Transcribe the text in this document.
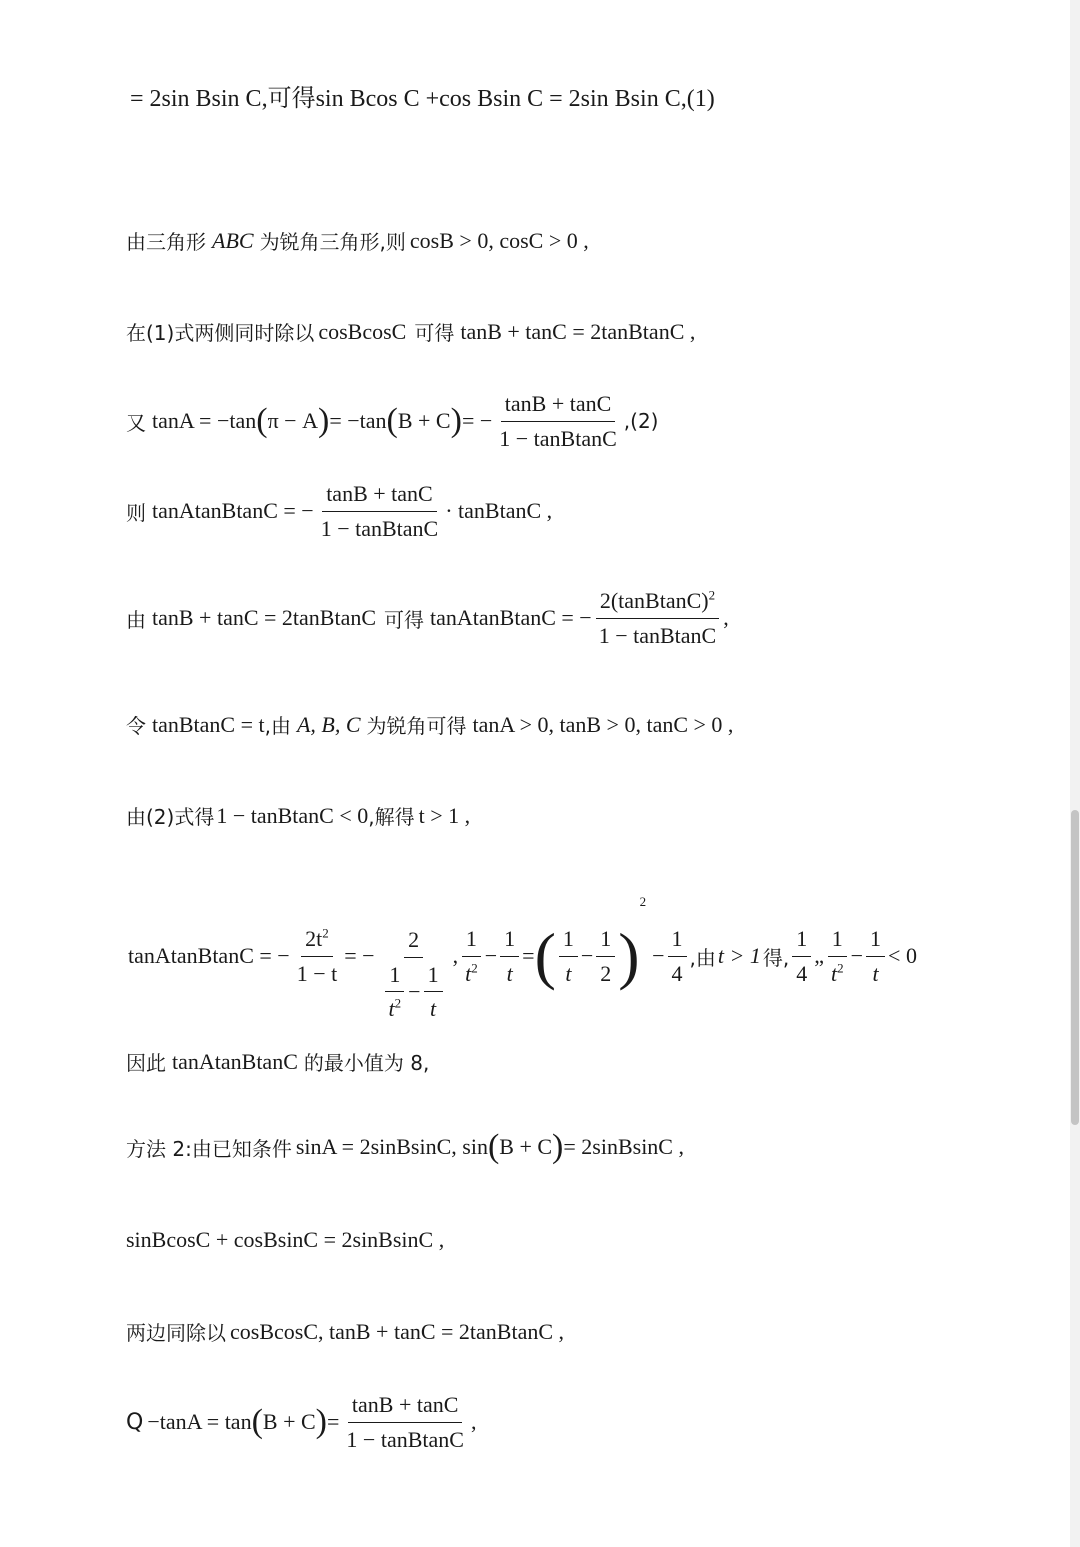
= 2sin Bsin C,可得sin Bcos C +cos Bsin C = 2sin Bsin C,(1)
由三角形 ABC 为锐角三角形,则 cosB > 0, cosC > 0 ,
在(1)式两侧同时除以 cosBcosC 可得 tanB + tanC = 2tanBtanC ,
又 tanA = −tan ( π − A ) = −tan ( B + C ) = − $\frac{\tan B + \tan C}{\text{1 − tanBtanC}} ,(2)$
则 tanAtanBtanC = − $\frac{\tan B + \tan C}{\text{1 − tanBtanC}}$ · tanBtanC ,
由 tanB + tanC = 2tanBtanC 可得 tanAtanBtanC = − $\frac{2(tanBtanC)^2}{\text{1 − tanBtanC}}$ ,
令 tanBtanC = t ,由 A, B, C 为锐角可得 tanA > 0, tanB > 0, tanC > 0 ,
由(2)式得 1 − tanBtanC < 0 ,解得 t > 1 ,
tanAtanBtanC = − $\frac{2t^2}{1 - t}$ = − $\frac{2}{\frac{1}{t^2} - \frac{1}{t}}$ , $\frac{1}{t^2} - \frac{1}{t}$ = ( $\frac{1}{t} - \frac{1}{2}$ )
2
− $\frac{1}{4}$ ,由 t > 1 得, $\frac{1}{4}$ „ $\frac{1}{t^2} - \frac{1}{t} < 0$
因此 tanAtanBtanC 的最小值为 8,
方法 2:由已知条件 sinA = 2sinBsinC, sin ( B + C ) = 2sinBsinC ,
sinBcosC + cosBsinC = 2sinBsinC ,
两边同除以 cosBcosC, tanB + tanC = 2tanBtanC ,
Q −tanA = tan ( B + C ) = $\frac{\tan B + \tan C}{\text{1 − tanBtanC}}$ ,
